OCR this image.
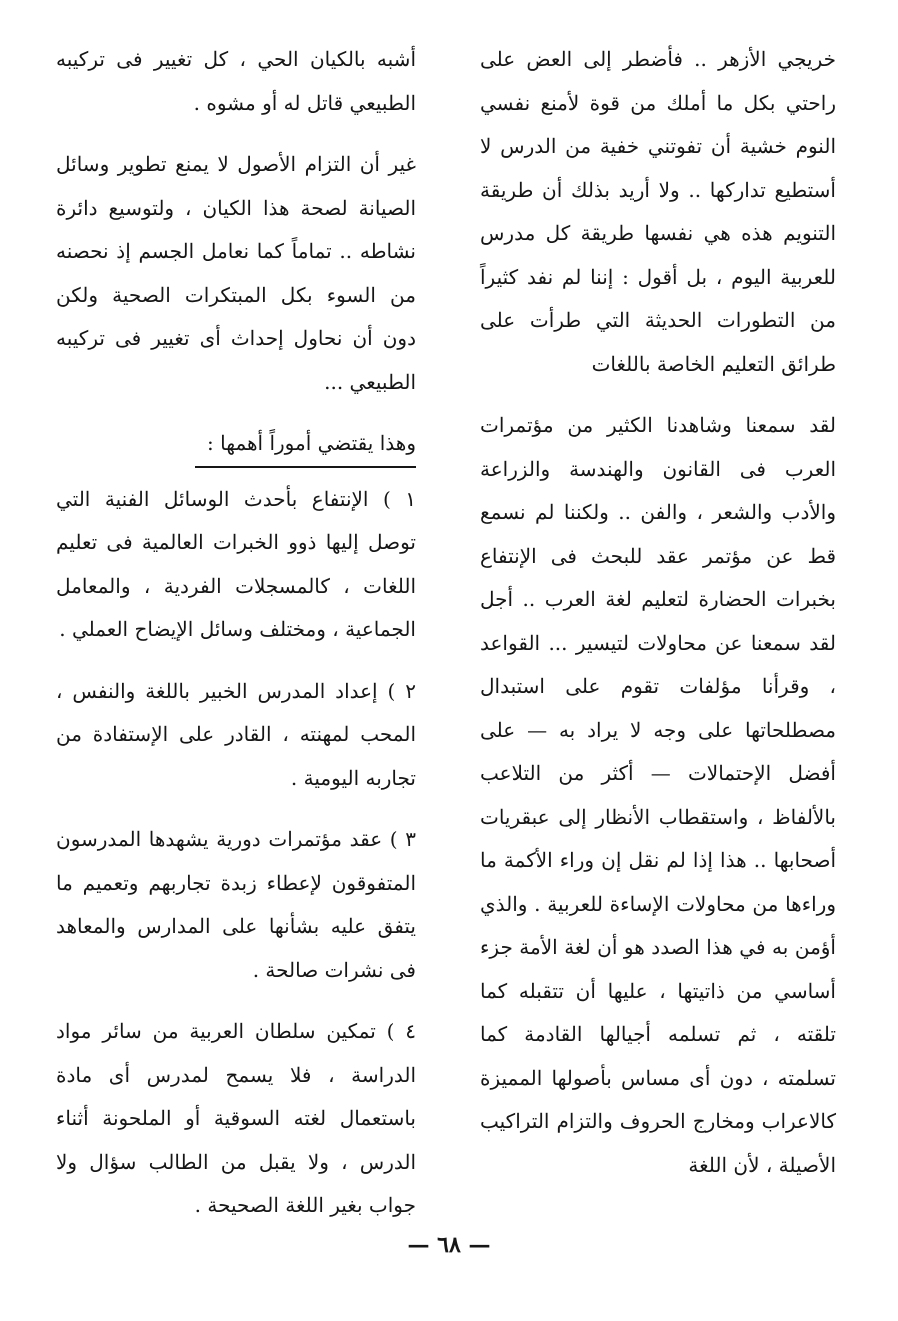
خريجي الأزهر .. فأضطر إلى العض على راحتي بكل ما أملك من قوة لأمنع نفسي النوم خشية أن تفوتني خفية من الدرس لا أستطيع تداركها .. ولا أريد بذلك أن طريقة التنويم هذه هي نفسها طريقة كل مدرس للعربية اليوم ، بل أقول : إننا لم نفد كثيراً من التطورات الحديثة التي طرأت على طرائق التعليم الخاصة باللغات

لقد سمعنا وشاهدنا الكثير من مؤتمرات العرب فى القانون والهندسة والزراعة والأدب والشعر ، والفن .. ولكننا لم نسمع قط عن مؤتمر عقد للبحث فى الإنتفاع بخبرات الحضارة لتعليم لغة العرب .. أجل لقد سمعنا عن محاولات لتيسير ... القواعد ، وقرأنا مؤلفات تقوم على استبدال مصطلحاتها على وجه لا يراد به — على أفضل الإحتمالات — أكثر من التلاعب بالألفاظ ، واستقطاب الأنظار إلى عبقريات أصحابها .. هذا إذا لم نقل إن وراء الأكمة ما وراءها من محاولات الإساءة للعربية . والذي أؤمن به في هذا الصدد هو أن لغة الأمة جزء أساسي من ذاتيتها ، عليها أن تتقبله كما تلقته ، ثم تسلمه أجيالها القادمة كما تسلمته ، دون أى مساس بأصولها المميزة كالاعراب ومخارج الحروف والتزام التراكيب الأصيلة ، لأن اللغة

أشبه بالكيان الحي ، كل تغيير فى تركيبه الطبيعي قاتل له أو مشوه .

غير أن التزام الأصول لا يمنع تطوير وسائل الصيانة لصحة هذا الكيان ، ولتوسيع دائرة نشاطه .. تماماً كما نعامل الجسم إذ نحصنه من السوء بكل المبتكرات الصحية ولكن دون أن نحاول إحداث أى تغيير فى تركيبه الطبيعي ...

وهذا يقتضي أموراً أهمها :

١ ) الإنتفاع بأحدث الوسائل الفنية التي توصل إليها ذوو الخبرات العالمية فى تعليم اللغات ، كالمسجلات الفردية ، والمعامل الجماعية ، ومختلف وسائل الإيضاح العملي .

٢ ) إعداد المدرس الخبير باللغة والنفس ، المحب لمهنته ، القادر على الإستفادة من تجاربه اليومية .

٣ ) عقد مؤتمرات دورية يشهدها المدرسون المتفوقون لإعطاء زبدة تجاربهم وتعميم ما يتفق عليه بشأنها على المدارس والمعاهد فى نشرات صالحة .

٤ ) تمكين سلطان العربية من سائر مواد الدراسة ، فلا يسمح لمدرس أى مادة باستعمال لغته السوقية أو الملحونة أثناء الدرس ، ولا يقبل من الطالب سؤال ولا جواب بغير اللغة الصحيحة .

— ٦٨ —
